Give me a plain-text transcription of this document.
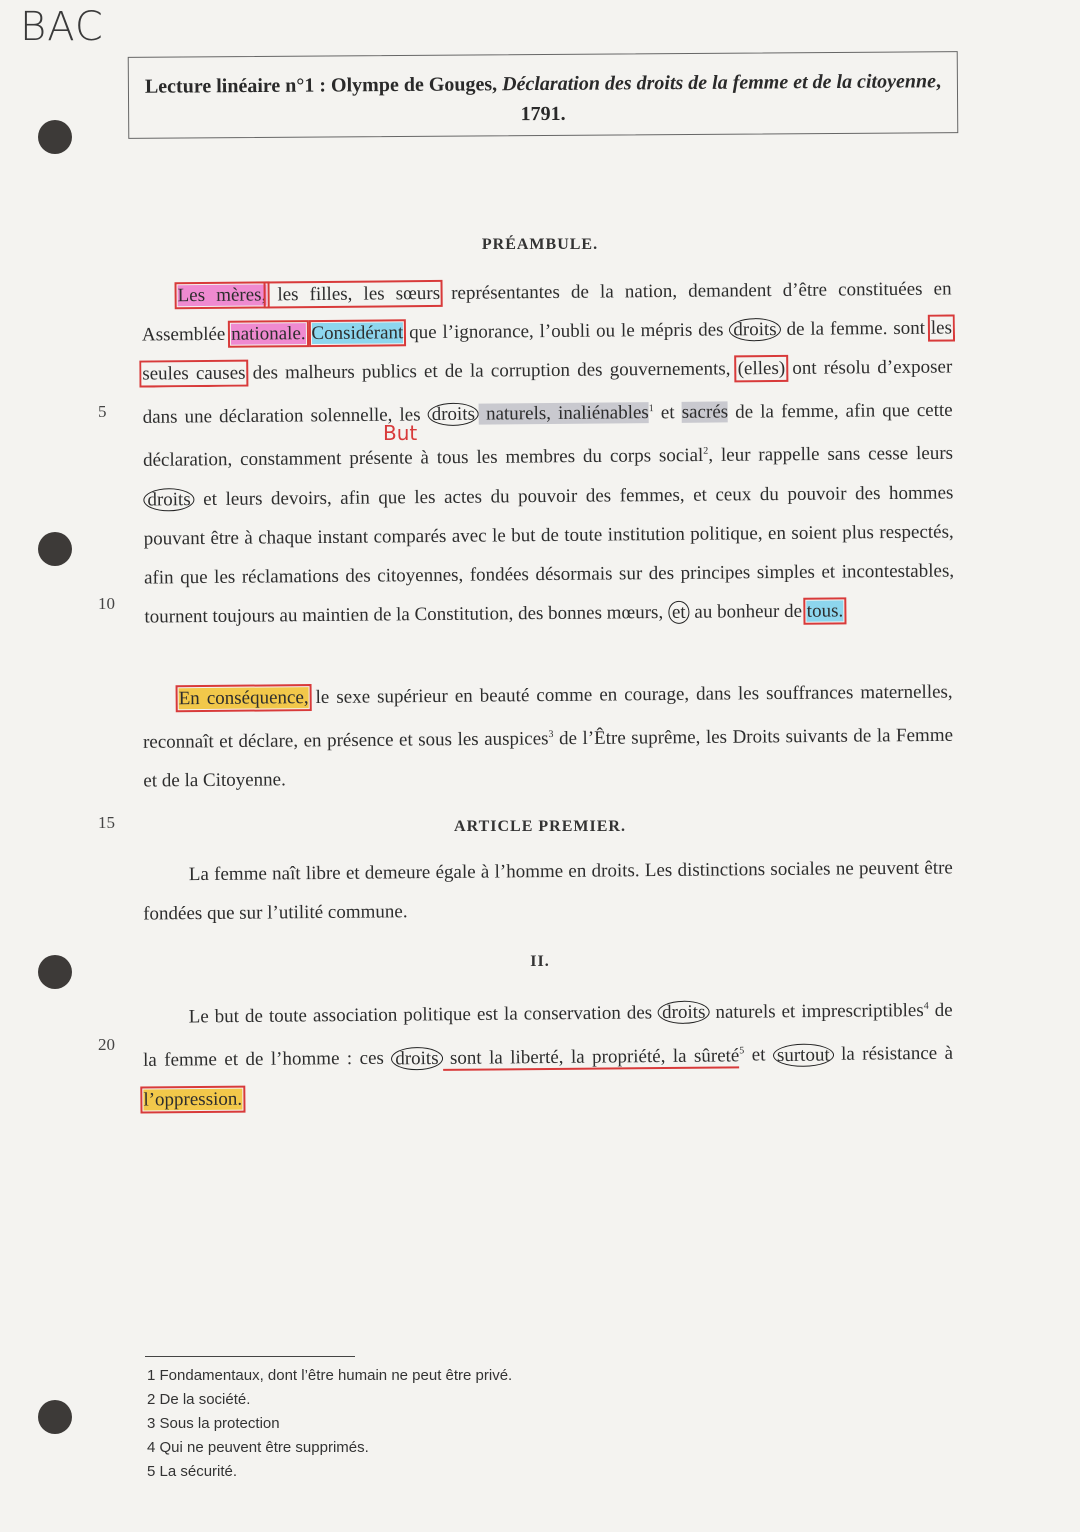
BAC
Lecture linéaire n°1 : Olympe de Gouges, Déclaration des droits de la femme et de la citoyenne, 1791.
PRÉAMBULE.
Les mères, les filles, les sœurs représentantes de la nation, demandent d’être constituées en Assemblée nationale. Considérant que l’ignorance, l’oubli ou le mépris des droits de la femme. sont les seules causes des malheurs publics et de la corruption des gouvernements, (elles) ont résolu d’exposer dans une déclaration solennelle, les droits naturels, inaliénables$^1$ et sacrés de la femme, afin que cette déclaration, constamment présente à tous les membres du corps social$^2$, leur rappelle sans cesse leurs droits et leurs devoirs, afin que les actes du pouvoir des femmes, et ceux du pouvoir des hommes pouvant être à chaque instant comparés avec le but de toute institution politique, en soient plus respectés, afin que les réclamations des citoyennes, fondées désormais sur des principes simples et incontestables, tournent toujours au maintien de la Constitution, des bonnes mœurs, et au bonheur de tous.
But
En conséquence, le sexe supérieur en beauté comme en courage, dans les souffrances maternelles, reconnaît et déclare, en présence et sous les auspices$^3$ de l’Être suprême, les Droits suivants de la Femme et de la Citoyenne.
ARTICLE PREMIER.
La femme naît libre et demeure égale à l’homme en droits. Les distinctions sociales ne peuvent être fondées que sur l’utilité commune.
II.
Le but de toute association politique est la conservation des droits naturels et imprescriptibles$^4$ de la femme et de l’homme : ces droits sont la liberté, la propriété, la sûreté$^5$ et surtout la résistance à l’oppression.
5
10
15
20
1 Fondamentaux, dont l’être humain ne peut être privé.
2 De la société.
3 Sous la protection
4 Qui ne peuvent être supprimés.
5 La sécurité.
